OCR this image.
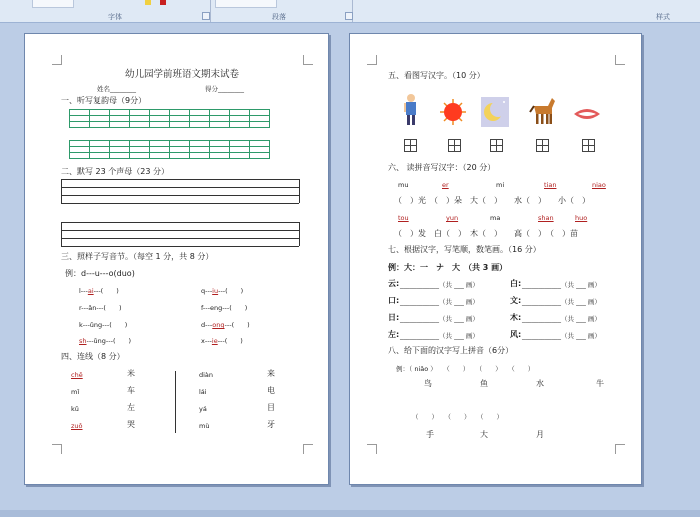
字体	段落	样式
幼儿园学前班语文期末试卷
姓名________	得分________
一、听写复韵母（9分）

二、默写 23 个声母（23 分）
三、照样子写音节。（每空 1 分，共 8 分）
例：d---u---o(duo)
l---ai---(　　)
r---ǎn---(　　)
k---ǔng---(　　)
sh---ǔng---(　　)
q---iu---(　　)
f---eng---(　　)
d---ong---(　　)
x---ie---(　　)
四、连线（8 分）
chē
mǐ
kǔ
zuǒ
米
车
左
哭
diàn
lái
yá
mù
来
电
目
牙
五、看图写汉字。（10 分）
六、 读拼音写汉字：（20 分）
mu	er	mi	tian	niao
（　）光　（　）朵　大（　）　　水（　）　　小（　）
tou	yun	ma	shan	huo
（　）发　白（　）　木（　）　　高（　）　（　）苗
七、根据汉字，写笔顺，数笔画。（16 分）
例：大：一　ナ　大　（共 3 画）
云: ____________（共 ___ 画）	白: ____________（共 ___ 画）
口: ____________（共 ___ 画）	文: ____________（共 ___ 画）
日: ____________（共 ___ 画）	木: ____________（共 ___ 画）
左: ____________（共 ___ 画）	风: ____________（共 ___ 画）
八、给下面的汉字写上拼音（6分）
例：（ niǎo ）　　（　　）　　（　　）　　（　　）
鸟	鱼	水	牛
（　　）　　（　　）　　（　　）
手	大	月
